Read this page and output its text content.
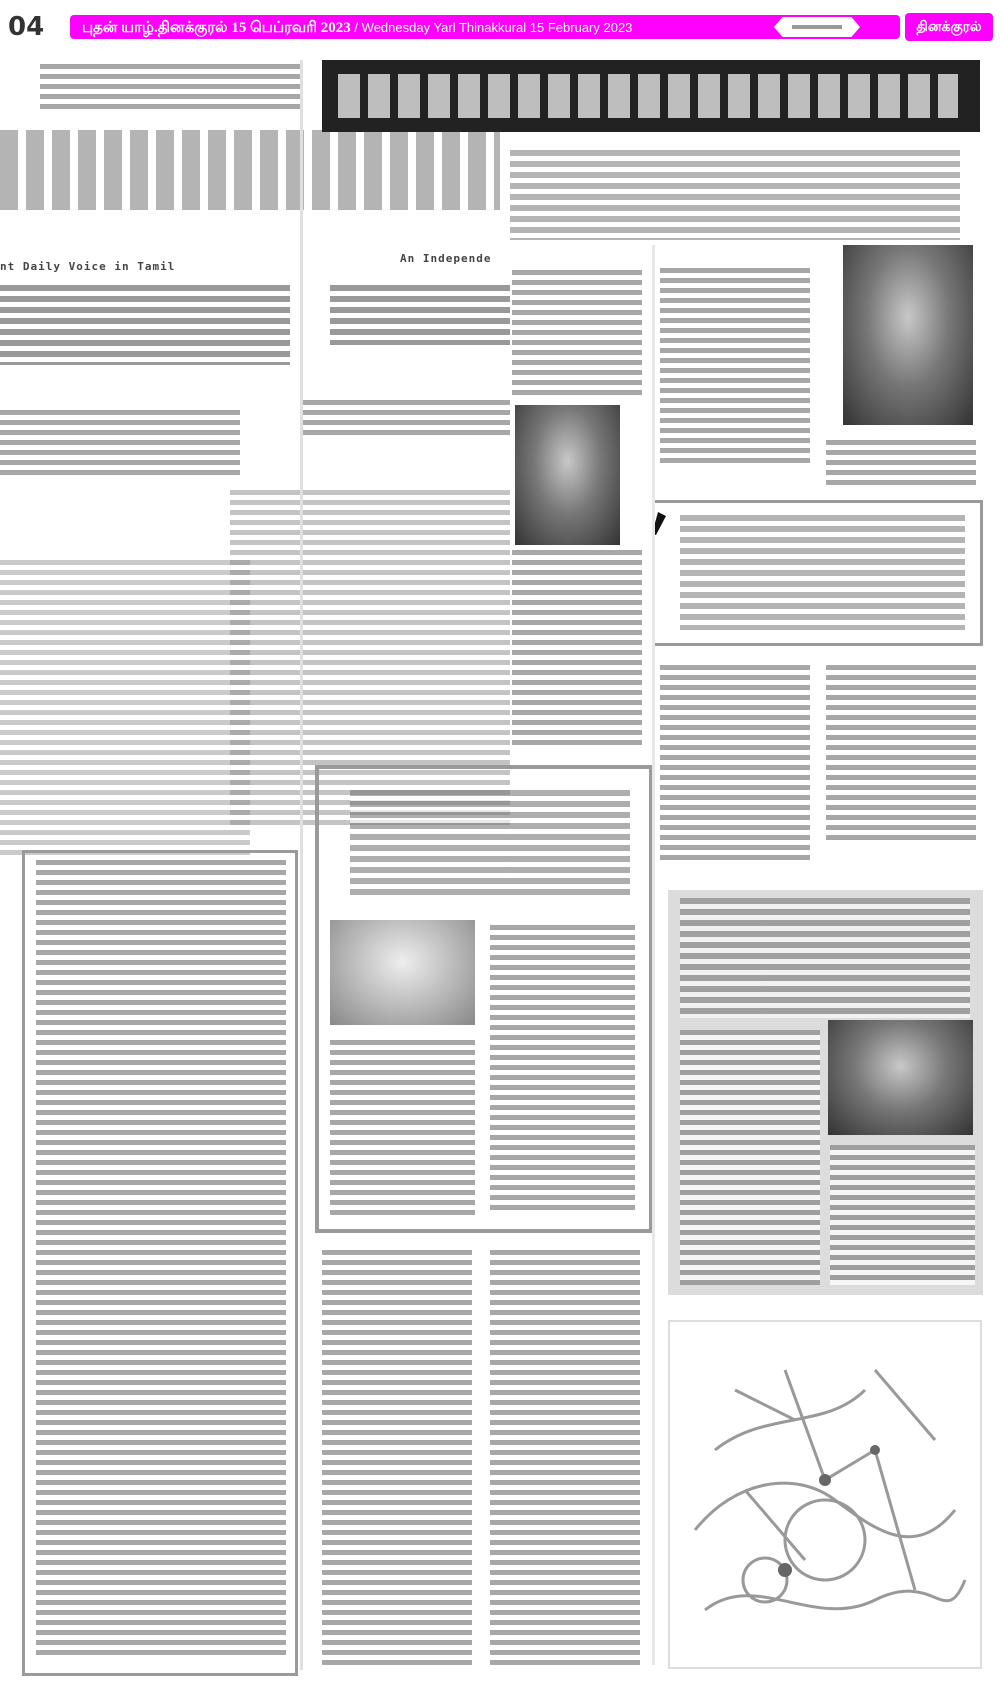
04	புதன் யாழ்.தினக்குரல் 15 பெப்ரவரி 2023 / Wednesday Yarl Thinakkural 15 February 2023	தினக்குரல்
nt Daily Voice in Tamil
An Independe
